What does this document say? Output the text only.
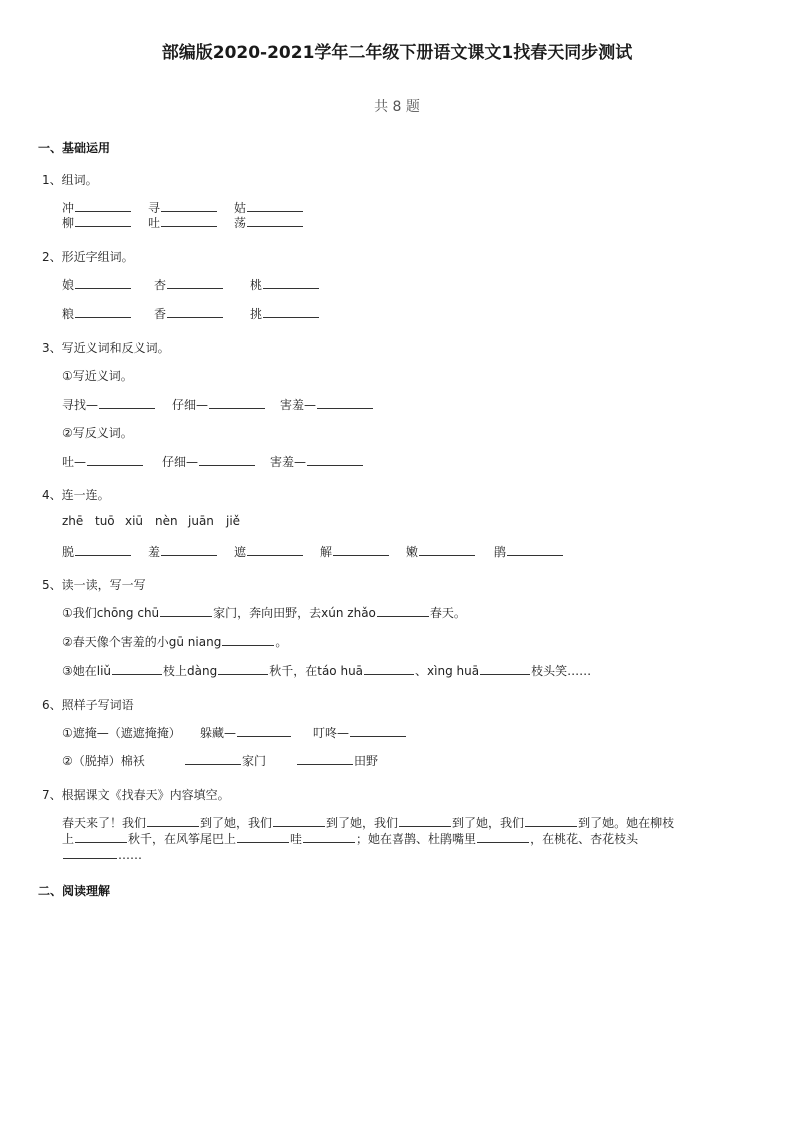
部编版2020-2021学年二年级下册语文课文1找春天同步测试
共 8 题
一、基础运用
1、组词。
冲	寻	姑
柳	吐	荡
2、形近字组词。
娘	杏	桃
粮	香	挑
3、写近义词和反义词。
①写近义词。
寻找—	仔细—	害羞—
②写反义词。
吐—	仔细—	害羞—
4、连一连。
zhē tuō xiū nèn juān jiě
脱	羞	遮	解	嫩	鹃
5、读一读，写一写
①我们chōng chū	家门，奔向田野，去xún zhǎo	春天。
②春天像个害羞的小gū niang	。
③她在liǔ	枝上dàng	秋千，在táo huā	、xìng huā	枝头笑……
6、照样子写词语
①遮掩—（遮遮掩掩） 躲藏—	叮咚—
②（脱掉）棉袄	家门	田野
7、根据课文《找春天》内容填空。
春天来了！我们	到了她，我们	到了她，我们	到了她，我们	到了她。她在柳枝
上	秋千，在风筝尾巴上	哇	；她在喜鹊、杜鹃嘴里	，在桃花、杏花枝头
……
二、阅读理解
